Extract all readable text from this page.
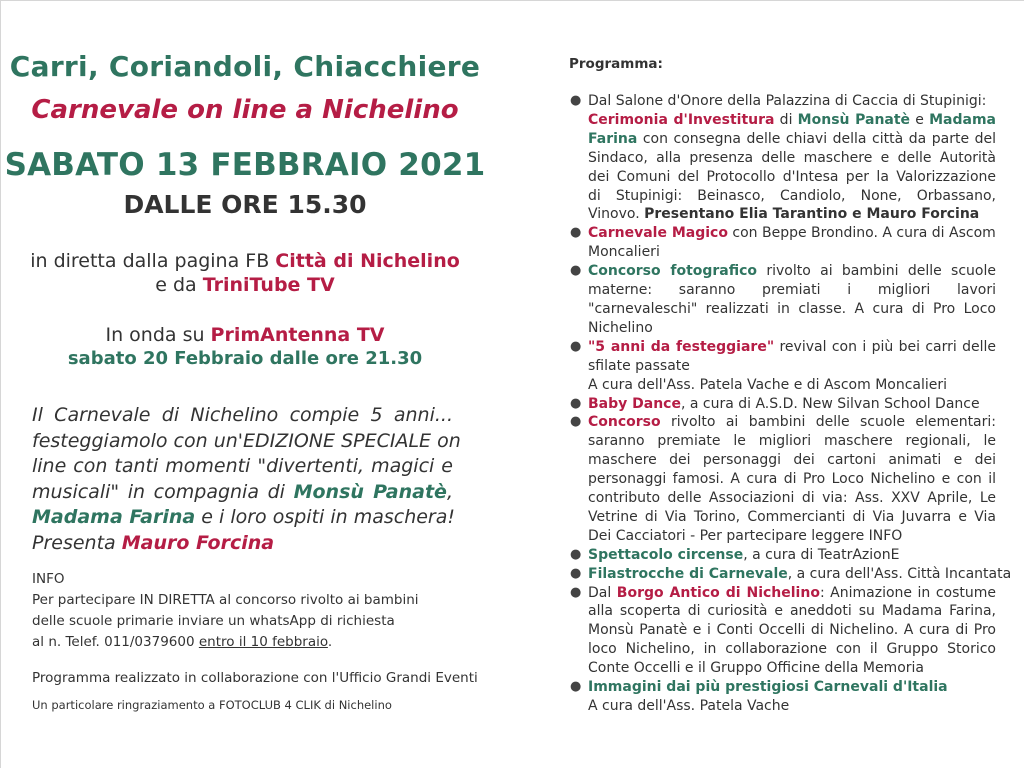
Carri, Coriandoli, Chiacchiere
Carnevale on line a Nichelino
SABATO 13 FEBBRAIO 2021
DALLE ORE 15.30
in diretta dalla pagina FB Città di Nichelino
e da TriniTube TV
In onda su PrimAntenna TV
sabato 20 Febbraio dalle ore 21.30
Il Carnevale di Nichelino compie 5 anni...
festeggiamolo con un'EDIZIONE SPECIALE on
line con tanti momenti "divertenti, magici e
musicali" in compagnia di Monsù Panatè,
Madama Farina e i loro ospiti in maschera!
Presenta Mauro Forcina
INFO
Per partecipare IN DIRETTA al concorso rivolto ai bambini
delle scuole primarie inviare un whatsApp di richiesta
al n. Telef. 011/0379600 entro il 10 febbraio.
Programma realizzato in collaborazione con l'Ufficio Grandi Eventi
Un particolare ringraziamento a FOTOCLUB 4 CLIK di Nichelino
Programma:
● Dal Salone d'Onore della Palazzina di Caccia di Stupinigi:
Cerimonia d'Investitura di Monsù Panatè e Madama
Farina con consegna delle chiavi della città da parte del
Sindaco, alla presenza delle maschere e delle Autorità
dei Comuni del Protocollo d'Intesa per la Valorizzazione
di Stupinigi: Beinasco, Candiolo, None, Orbassano,
Vinovo. Presentano Elia Tarantino e Mauro Forcina
● Carnevale Magico con Beppe Brondino. A cura di Ascom
Moncalieri
● Concorso fotografico rivolto ai bambini delle scuole
materne: saranno premiati i migliori lavori
"carnevaleschi" realizzati in classe. A cura di Pro Loco
Nichelino
● "5 anni da festeggiare" revival con i più bei carri delle
sfilate passate
A cura dell'Ass. Patela Vache e di Ascom Moncalieri
● Baby Dance, a cura di A.S.D. New Silvan School Dance
● Concorso rivolto ai bambini delle scuole elementari:
saranno premiate le migliori maschere regionali, le
maschere dei personaggi dei cartoni animati e dei
personaggi famosi. A cura di Pro Loco Nichelino e con il
contributo delle Associazioni di via: Ass. XXV Aprile, Le
Vetrine di Via Torino, Commercianti di Via Juvarra e Via
Dei Cacciatori - Per partecipare leggere INFO
● Spettacolo circense, a cura di TeatrAzionE
● Filastrocche di Carnevale, a cura dell'Ass. Città Incantata
● Dal Borgo Antico di Nichelino: Animazione in costume
alla scoperta di curiosità e aneddoti su Madama Farina,
Monsù Panatè e i Conti Occelli di Nichelino. A cura di Pro
loco Nichelino, in collaborazione con il Gruppo Storico
Conte Occelli e il Gruppo Officine della Memoria
● Immagini dai più prestigiosi Carnevali d'Italia
A cura dell'Ass. Patela Vache
